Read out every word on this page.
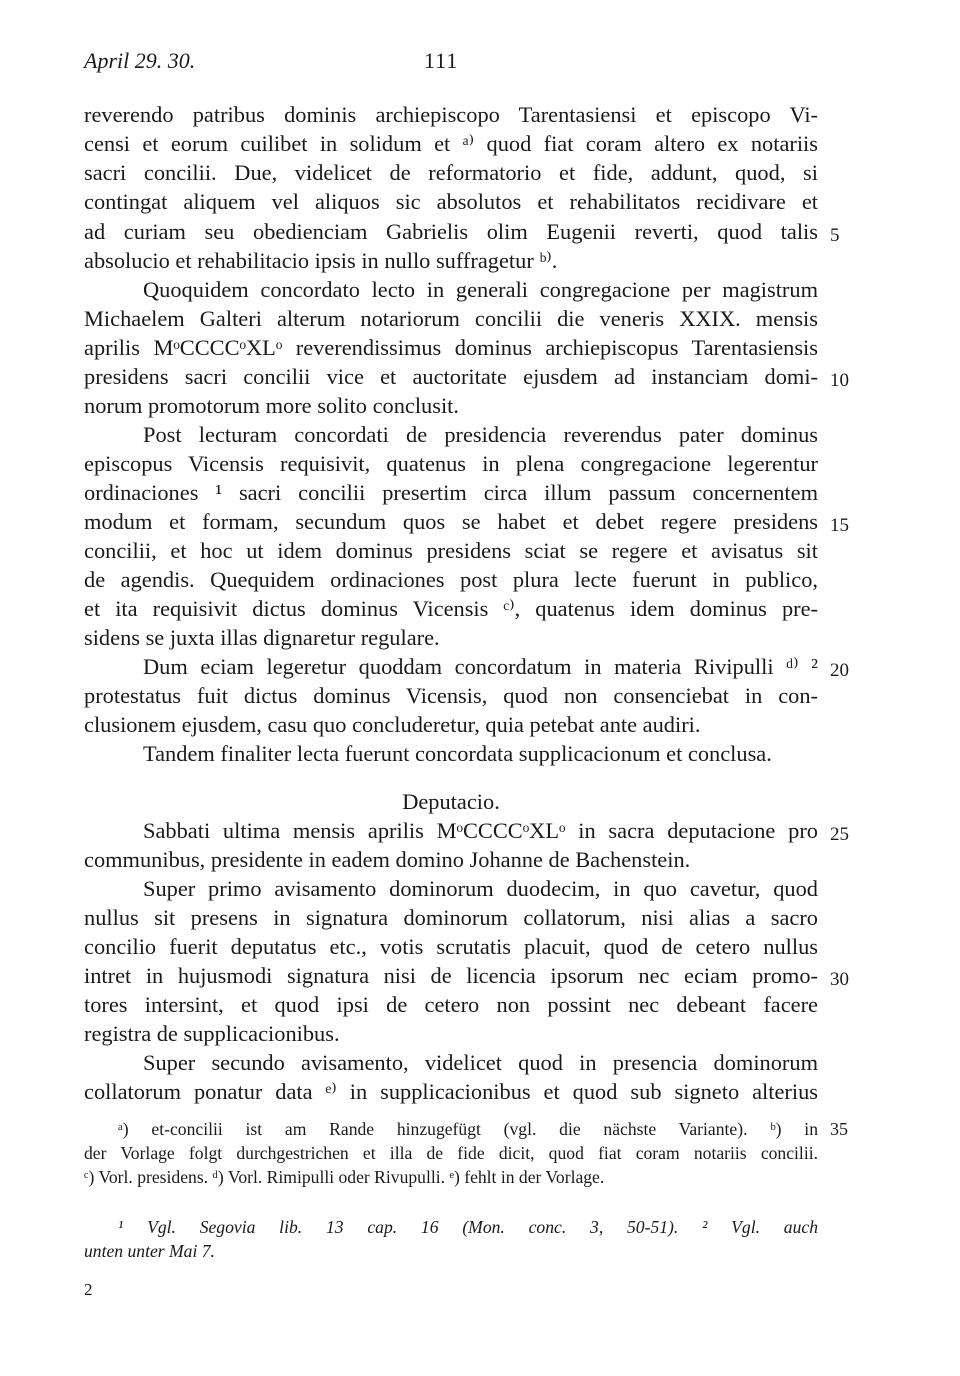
April 29. 30.	111
reverendo patribus dominis archiepiscopo Tarentasiensi et episcopo Vi-
censi et eorum cuilibet in solidum et ᵃ⁾ quod fiat coram altero ex notariis
sacri concilii. Due, videlicet de reformatorio et fide, addunt, quod, si
contingat aliquem vel aliquos sic absolutos et rehabilitatos recidivare et
ad curiam seu obedienciam Gabrielis olim Eugenii reverti, quod talis
absolucio et rehabilitacio ipsis in nullo suffragetur ᵇ⁾.
Quoquidem concordato lecto in generali congregacione per magistrum
Michaelem Galteri alterum notariorum concilii die veneris XXIX. mensis
aprilis MᵒCCCCᵒXLᵒ reverendissimus dominus archiepiscopus Tarentasiensis
presidens sacri concilii vice et auctoritate ejusdem ad instanciam domi-
norum promotorum more solito conclusit.
Post lecturam concordati de presidencia reverendus pater dominus
episcopus Vicensis requisivit, quatenus in plena congregacione legerentur
ordinaciones ¹ sacri concilii presertim circa illum passum concernentem
modum et formam, secundum quos se habet et debet regere presidens
concilii, et hoc ut idem dominus presidens sciat se regere et avisatus sit
de agendis. Quequidem ordinaciones post plura lecte fuerunt in publico,
et ita requisivit dictus dominus Vicensis ᶜ⁾, quatenus idem dominus pre-
sidens se juxta illas dignaretur regulare.
Dum eciam legeretur quoddam concordatum in materia Rivipulli ᵈ⁾ ²
protestatus fuit dictus dominus Vicensis, quod non consenciebat in con-
clusionem ejusdem, casu quo concluderetur, quia petebat ante audiri.
Tandem finaliter lecta fuerunt concordata supplicacionum et conclusa.
Deputacio.
Sabbati ultima mensis aprilis MᵒCCCCᵒXLᵒ in sacra deputacione pro
communibus, presidente in eadem domino Johanne de Bachenstein.
Super primo avisamento dominorum duodecim, in quo cavetur, quod
nullus sit presens in signatura dominorum collatorum, nisi alias a sacro
concilio fuerit deputatus etc., votis scrutatis placuit, quod de cetero nullus
intret in hujusmodi signatura nisi de licencia ipsorum nec eciam promo-
tores intersint, et quod ipsi de cetero non possint nec debeant facere
registra de supplicacionibus.
Super secundo avisamento, videlicet quod in presencia dominorum
collatorum ponatur data ᵉ⁾ in supplicacionibus et quod sub signeto alterius
5
10
15
20
25
30
35
ᵃ) et-concilii ist am Rande hinzugefügt (vgl. die nächste Variante). ᵇ) in
der Vorlage folgt durchgestrichen et illa de fide dicit, quod fiat coram notariis concilii.
ᶜ) Vorl. presidens. ᵈ) Vorl. Rimipulli oder Rivupulli. ᵉ) fehlt in der Vorlage.
¹ Vgl. Segovia lib. 13 cap. 16 (Mon. conc. 3, 50-51). ² Vgl. auch
unten unter Mai 7.
2
